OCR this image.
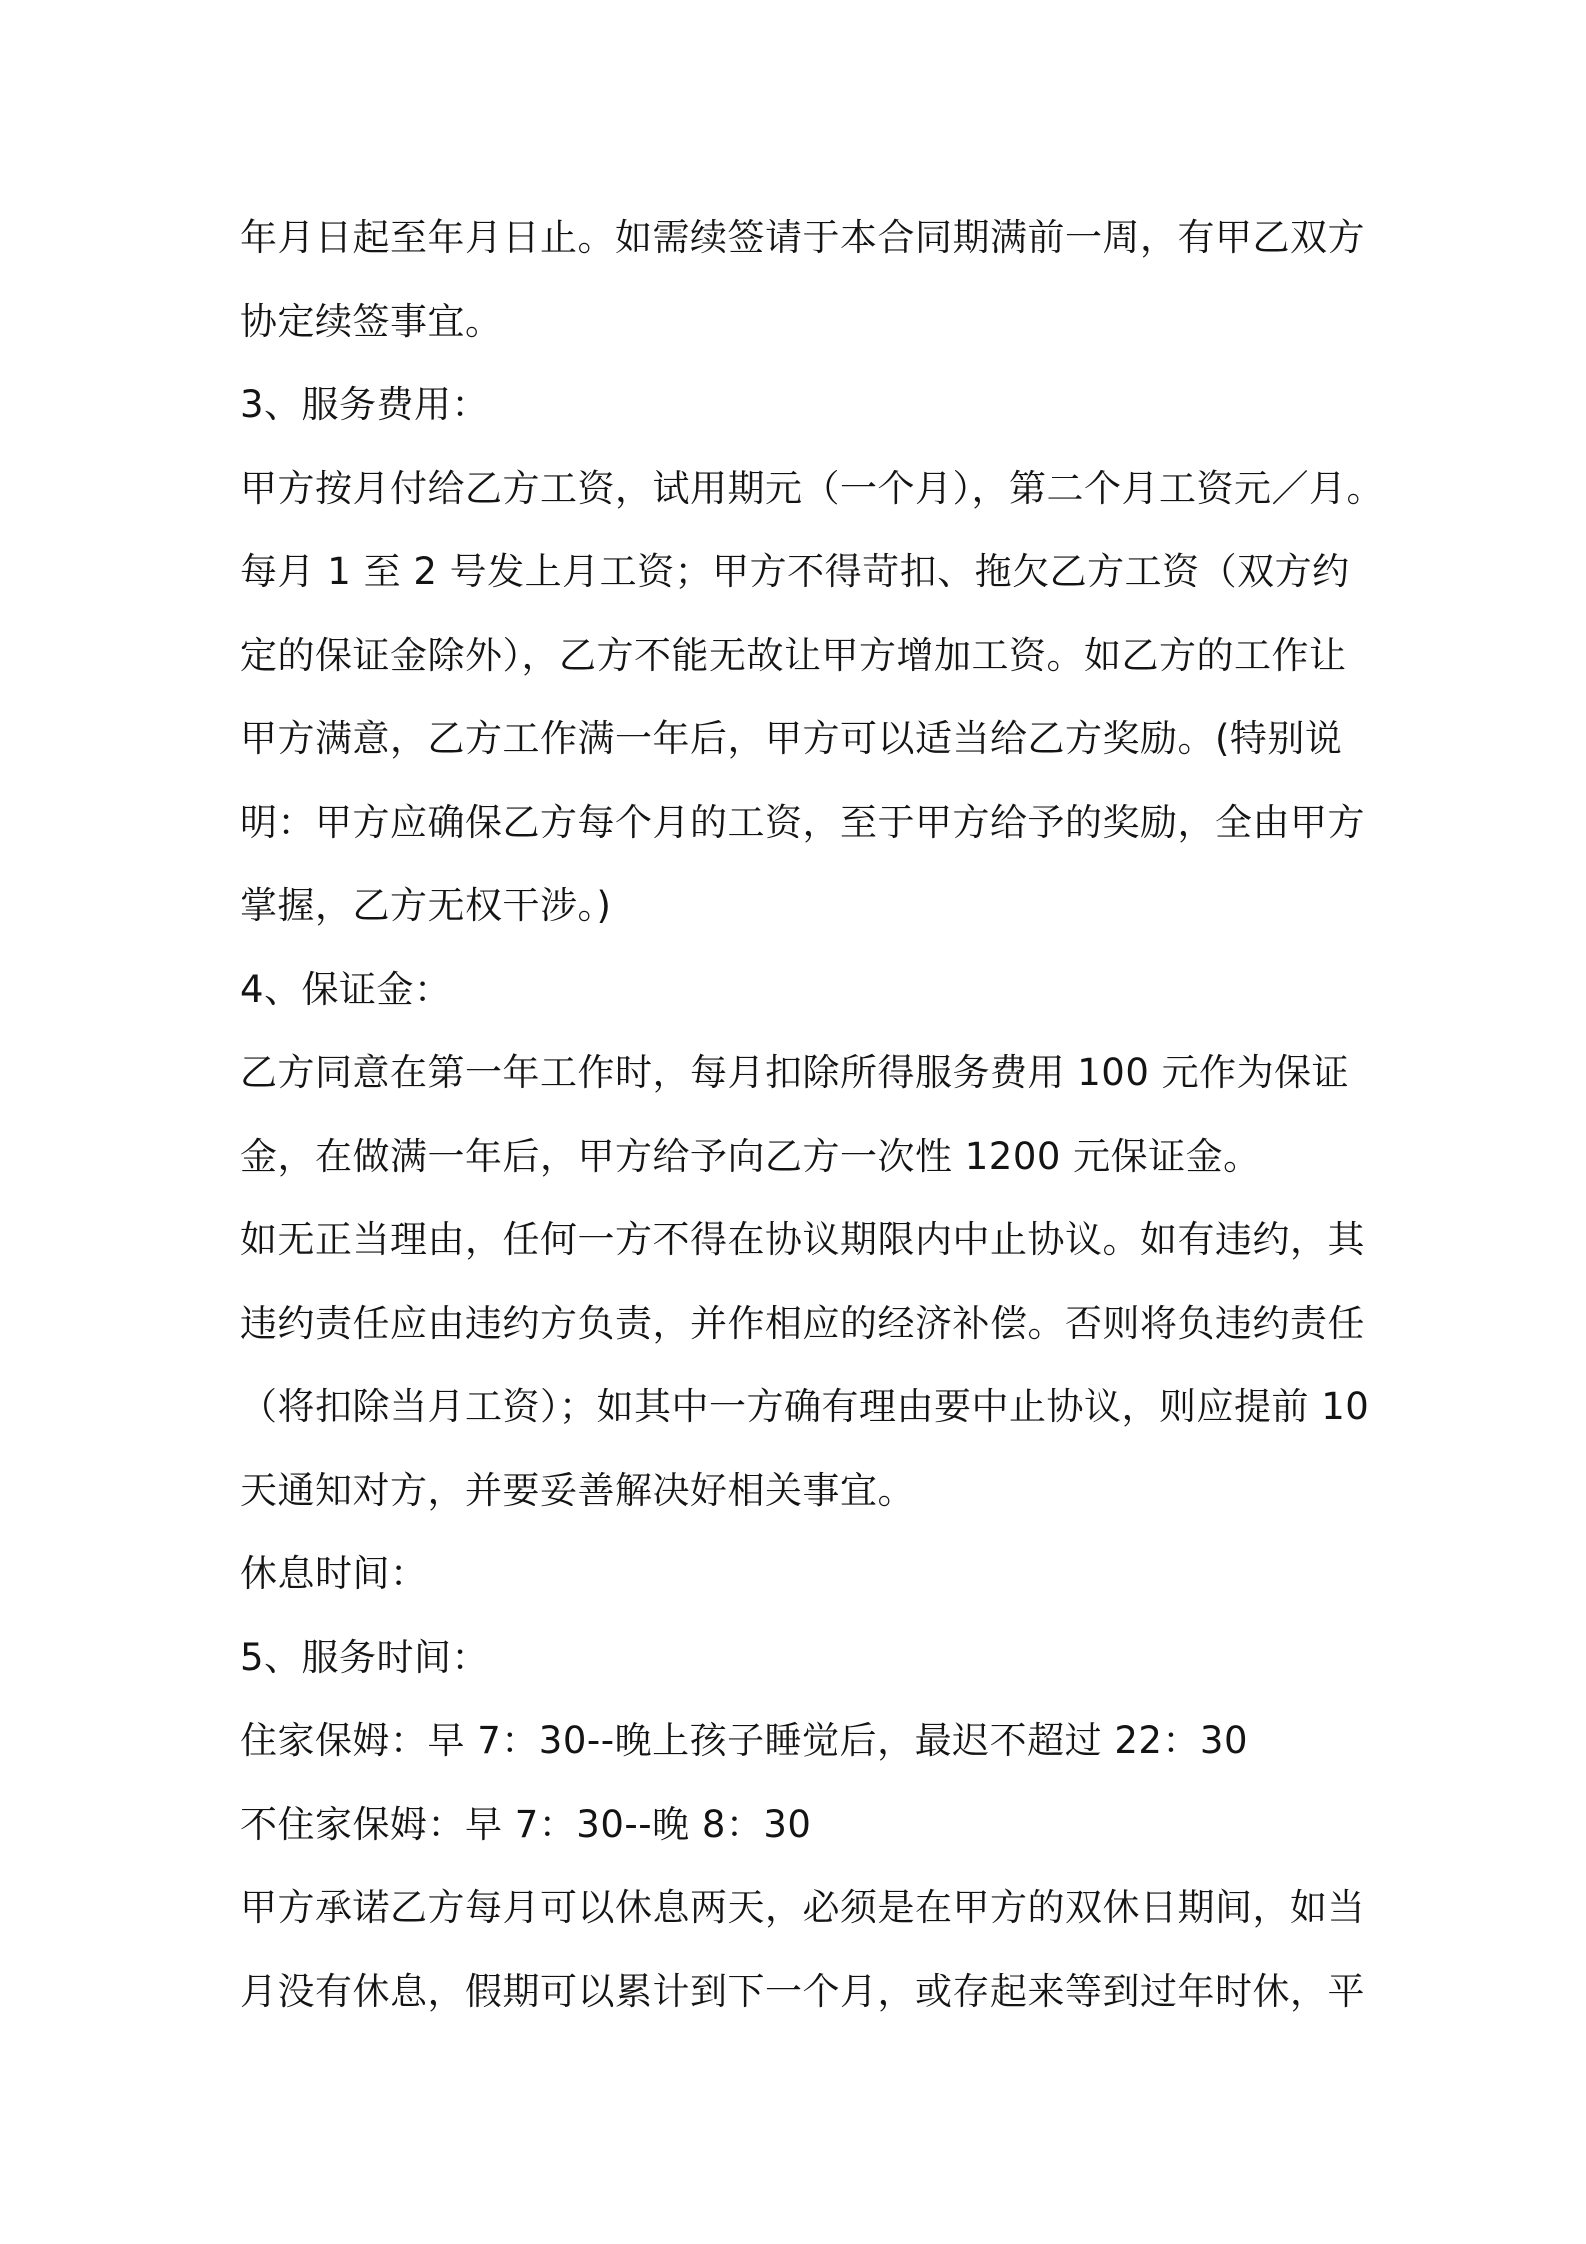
年月日起至年月日止。如需续签请于本合同期满前一周，有甲乙双方
协定续签事宜。
3、服务费用：
甲方按月付给乙方工资，试用期元（一个月），第二个月工资元／月。
每月 1 至 2 号发上月工资；甲方不得苛扣、拖欠乙方工资（双方约
定的保证金除外），乙方不能无故让甲方增加工资。如乙方的工作让
甲方满意，乙方工作满一年后，甲方可以适当给乙方奖励。(特别说
明：甲方应确保乙方每个月的工资，至于甲方给予的奖励，全由甲方
掌握，乙方无权干涉。)
4、保证金：
乙方同意在第一年工作时，每月扣除所得服务费用 100 元作为保证
金，在做满一年后，甲方给予向乙方一次性 1200 元保证金。
如无正当理由，任何一方不得在协议期限内中止协议。如有违约，其
违约责任应由违约方负责，并作相应的经济补偿。否则将负违约责任
（将扣除当月工资）；如其中一方确有理由要中止协议，则应提前 10
天通知对方，并要妥善解决好相关事宜。
休息时间：
5、服务时间：
住家保姆：早 7：30--晚上孩子睡觉后，最迟不超过 22：30
不住家保姆：早 7：30--晚 8：30
甲方承诺乙方每月可以休息两天，必须是在甲方的双休日期间，如当
月没有休息，假期可以累计到下一个月，或存起来等到过年时休，平
